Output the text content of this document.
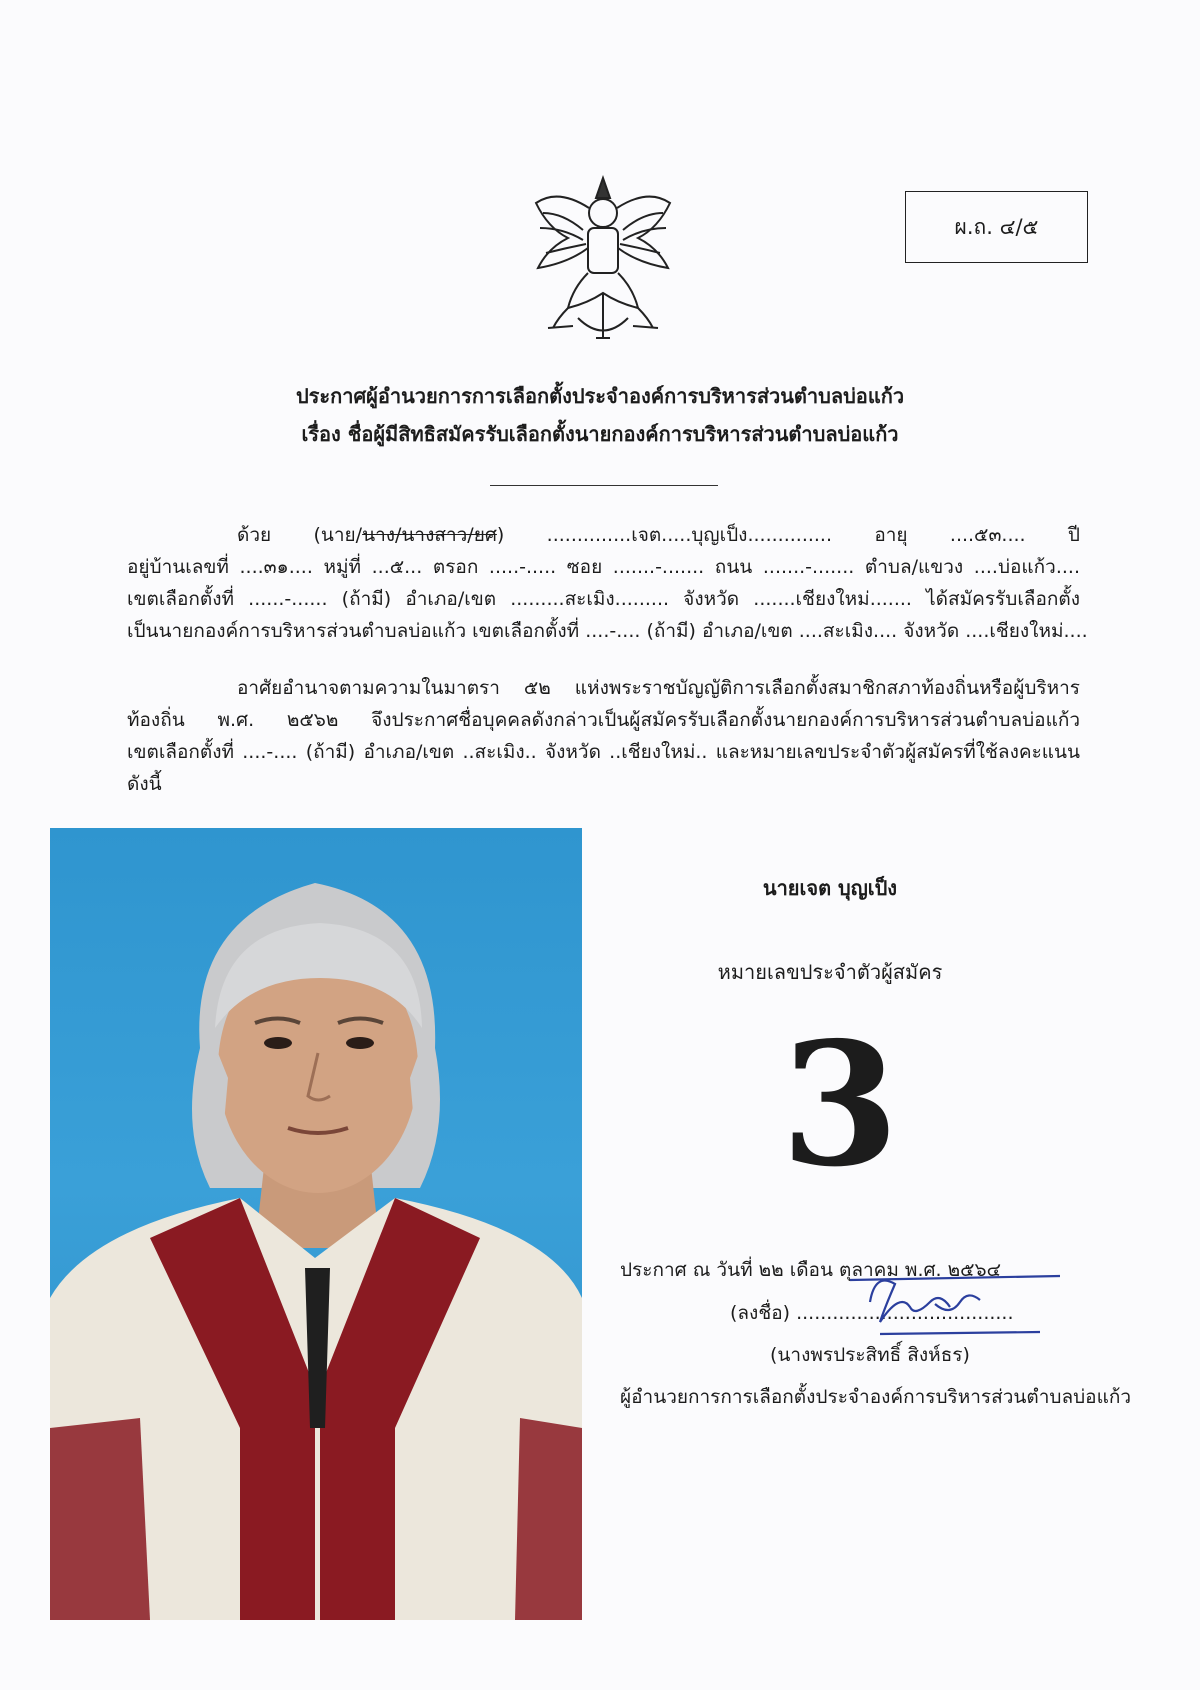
ผ.ถ. ๔/๕
ประกาศผู้อำนวยการการเลือกตั้งประจำองค์การบริหารส่วนตำบลบ่อแก้ว
เรื่อง ชื่อผู้มีสิทธิสมัครรับเลือกตั้งนายกองค์การบริหารส่วนตำบลบ่อแก้ว
ด้วย (นาย/นาง/นางสาว/ยศ) ..............เจต.....บุญเป็ง.............. อายุ ....๕๓.... ปี
อยู่บ้านเลขที่ ....๓๑.... หมู่ที่ ...๕... ตรอก .....-..... ซอย .......-....... ถนน .......-....... ตำบล/แขวง ....บ่อแก้ว....
เขตเลือกตั้งที่ ......-...... (ถ้ามี) อำเภอ/เขต .........สะเมิง......... จังหวัด .......เชียงใหม่....... ได้สมัครรับเลือกตั้ง
เป็นนายกองค์การบริหารส่วนตำบลบ่อแก้ว เขตเลือกตั้งที่ ....-.... (ถ้ามี) อำเภอ/เขต ....สะเมิง.... จังหวัด ....เชียงใหม่....
อาศัยอำนาจตามความในมาตรา ๕๒ แห่งพระราชบัญญัติการเลือกตั้งสมาชิกสภาท้องถิ่นหรือผู้บริหาร
ท้องถิ่น พ.ศ. ๒๕๖๒ จึงประกาศชื่อบุคคลดังกล่าวเป็นผู้สมัครรับเลือกตั้งนายกองค์การบริหารส่วนตำบลบ่อแก้ว
เขตเลือกตั้งที่ ....-.... (ถ้ามี) อำเภอ/เขต ..สะเมิง.. จังหวัด ..เชียงใหม่.. และหมายเลขประจำตัวผู้สมัครที่ใช้ลงคะแนน
ดังนี้
นายเจต บุญเป็ง
หมายเลขประจำตัวผู้สมัคร
3
ประกาศ ณ วันที่ ๒๒ เดือน ตุลาคม พ.ศ. ๒๕๖๔
(ลงชื่อ) ....................................
(นางพรประสิทธิ์ สิงห์ธร)
ผู้อำนวยการการเลือกตั้งประจำองค์การบริหารส่วนตำบลบ่อแก้ว
